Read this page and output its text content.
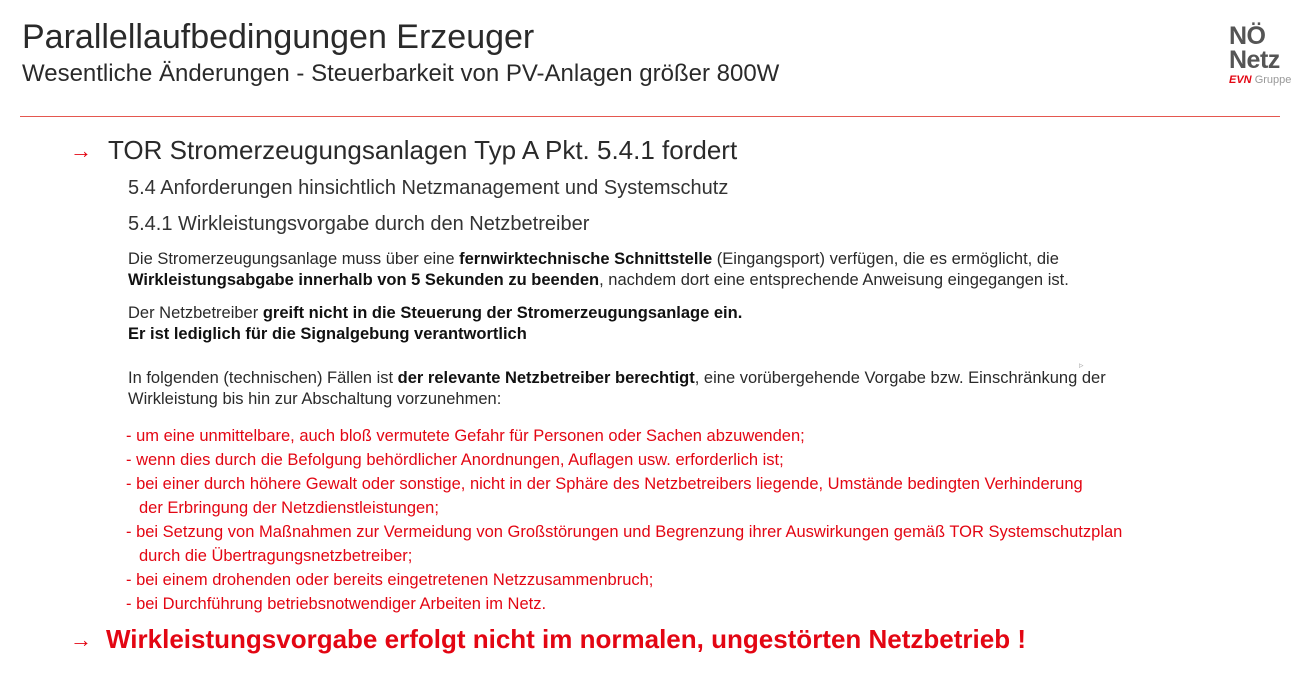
Parallellaufbedingungen Erzeuger
Wesentliche Änderungen - Steuerbarkeit von PV-Anlagen größer 800W
NÖ
Netz
EVN Gruppe
→ TOR Stromerzeugungsanlagen Typ A Pkt. 5.4.1 fordert
5.4 Anforderungen hinsichtlich Netzmanagement und Systemschutz
5.4.1 Wirkleistungsvorgabe durch den Netzbetreiber
Die Stromerzeugungsanlage muss über eine fernwirktechnische Schnittstelle (Eingangsport) verfügen, die es ermöglicht, die
Wirkleistungsabgabe innerhalb von 5 Sekunden zu beenden, nachdem dort eine entsprechende Anweisung eingegangen ist.
Der Netzbetreiber greift nicht in die Steuerung der Stromerzeugungsanlage ein.
Er ist lediglich für die Signalgebung verantwortlich
▹
In folgenden (technischen) Fällen ist der relevante Netzbetreiber berechtigt, eine vorübergehende Vorgabe bzw. Einschränkung der
Wirkleistung bis hin zur Abschaltung vorzunehmen:
- um eine unmittelbare, auch bloß vermutete Gefahr für Personen oder Sachen abzuwenden;
- wenn dies durch die Befolgung behördlicher Anordnungen, Auflagen usw. erforderlich ist;
- bei einer durch höhere Gewalt oder sonstige, nicht in der Sphäre des Netzbetreibers liegende, Umstände bedingten Verhinderung
der Erbringung der Netzdienstleistungen;
- bei Setzung von Maßnahmen zur Vermeidung von Großstörungen und Begrenzung ihrer Auswirkungen gemäß TOR Systemschutzplan
durch die Übertragungsnetzbetreiber;
- bei einem drohenden oder bereits eingetretenen Netzzusammenbruch;
- bei Durchführung betriebsnotwendiger Arbeiten im Netz.
→ Wirkleistungsvorgabe erfolgt nicht im normalen, ungestörten Netzbetrieb !
